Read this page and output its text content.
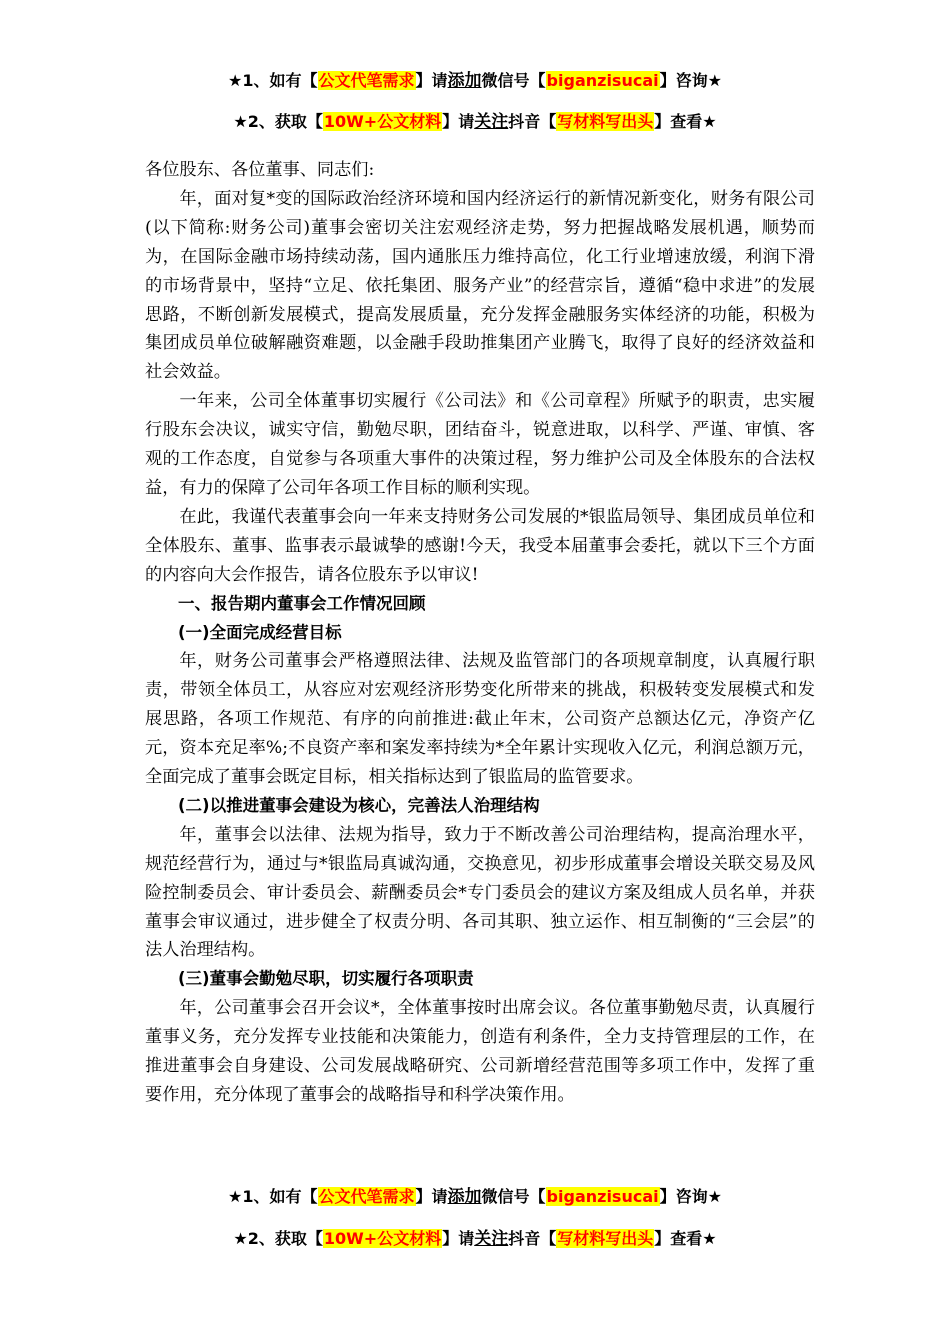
★1、如有【公文代笔需求】请添加微信号【biganzisucai】咨询★
★2、获取【10W+公文材料】请关注抖音【写材料写出头】查看★

各位股东、各位董事、同志们:

年，面对复*变的国际政治经济环境和国内经济运行的新情况新变化，财务有限公司(以下简称:财务公司)董事会密切关注宏观经济走势，努力把握战略发展机遇，顺势而为，在国际金融市场持续动荡，国内通胀压力维持高位，化工行业增速放缓，利润下滑的市场背景中，坚持“立足、依托集团、服务产业”的经营宗旨，遵循“稳中求进”的发展思路，不断创新发展模式，提高发展质量，充分发挥金融服务实体经济的功能，积极为集团成员单位破解融资难题，以金融手段助推集团产业腾飞，取得了良好的经济效益和社会效益。

一年来，公司全体董事切实履行《公司法》和《公司章程》所赋予的职责，忠实履行股东会决议，诚实守信，勤勉尽职，团结奋斗，锐意进取，以科学、严谨、审慎、客观的工作态度，自觉参与各项重大事件的决策过程，努力维护公司及全体股东的合法权益，有力的保障了公司年各项工作目标的顺利实现。

在此，我谨代表董事会向一年来支持财务公司发展的*银监局领导、集团成员单位和全体股东、董事、监事表示最诚挚的感谢!今天，我受本届董事会委托，就以下三个方面的内容向大会作报告，请各位股东予以审议!

一、报告期内董事会工作情况回顾

(一)全面完成经营目标

年，财务公司董事会严格遵照法律、法规及监管部门的各项规章制度，认真履行职责，带领全体员工，从容应对宏观经济形势变化所带来的挑战，积极转变发展模式和发展思路，各项工作规范、有序的向前推进:截止年末，公司资产总额达亿元，净资产亿元，资本充足率%;不良资产率和案发率持续为*全年累计实现收入亿元，利润总额万元，全面完成了董事会既定目标，相关指标达到了银监局的监管要求。

(二)以推进董事会建设为核心，完善法人治理结构

年，董事会以法律、法规为指导，致力于不断改善公司治理结构，提高治理水平，规范经营行为，通过与*银监局真诚沟通，交换意见，初步形成董事会增设关联交易及风险控制委员会、审计委员会、薪酬委员会*专门委员会的建议方案及组成人员名单，并获董事会审议通过，进步健全了权责分明、各司其职、独立运作、相互制衡的“三会层”的法人治理结构。

(三)董事会勤勉尽职，切实履行各项职责

年，公司董事会召开会议*，全体董事按时出席会议。各位董事勤勉尽责，认真履行董事义务，充分发挥专业技能和决策能力，创造有利条件，全力支持管理层的工作，在推进董事会自身建设、公司发展战略研究、公司新增经营范围等多项工作中，发挥了重要作用，充分体现了董事会的战略指导和科学决策作用。

★1、如有【公文代笔需求】请添加微信号【biganzisucai】咨询★
★2、获取【10W+公文材料】请关注抖音【写材料写出头】查看★
